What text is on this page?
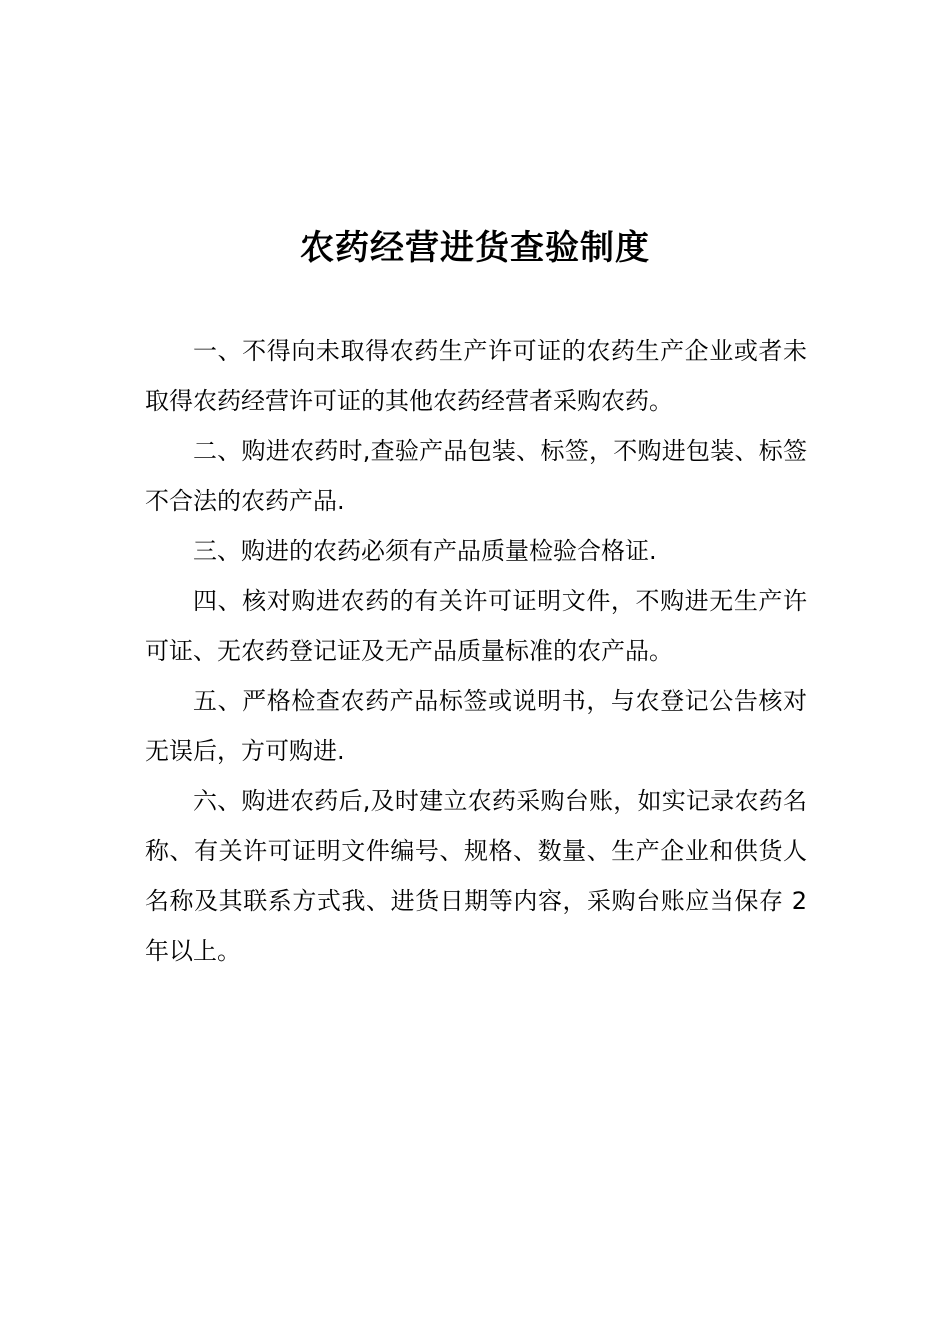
农药经营进货查验制度

一、不得向未取得农药生产许可证的农药生产企业或者未取得农药经营许可证的其他农药经营者采购农药。

二、购进农药时,查验产品包装、标签，不购进包装、标签不合法的农药产品.

三、购进的农药必须有产品质量检验合格证.

四、核对购进农药的有关许可证明文件，不购进无生产许可证、无农药登记证及无产品质量标准的农产品。

五、严格检查农药产品标签或说明书，与农登记公告核对无误后，方可购进.

六、购进农药后,及时建立农药采购台账，如实记录农药名称、有关许可证明文件编号、规格、数量、生产企业和供货人名称及其联系方式我、进货日期等内容，采购台账应当保存 2 年以上。
